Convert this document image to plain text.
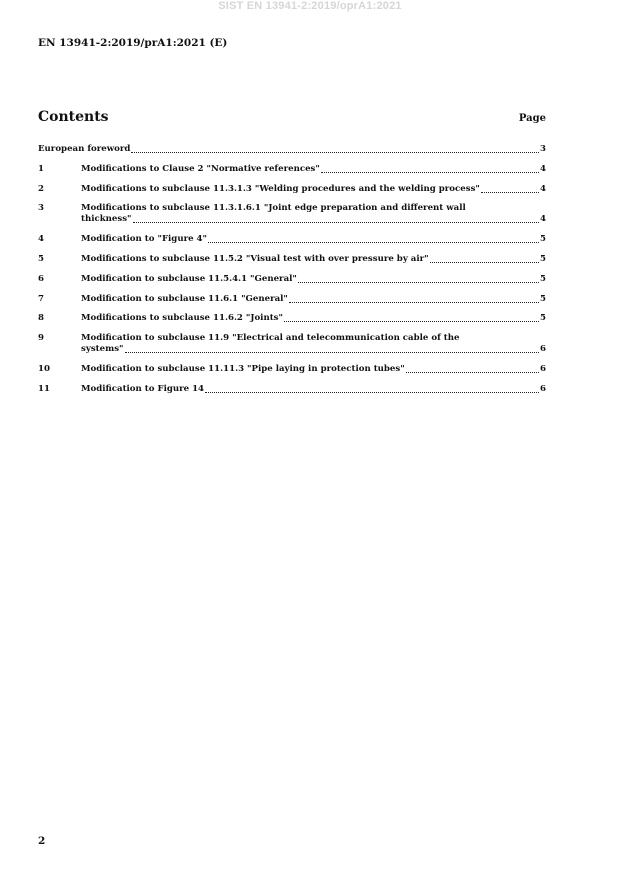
SIST EN 13941-2:2019/oprA1:2021
EN 13941-2:2019/prA1:2021 (E)
Contents	Page
European foreword	3
1	Modifications to Clause 2 "Normative references"	4
2	Modifications to subclause 11.3.1.3 "Welding procedures and the welding process"	4
3	Modifications to subclause 11.3.1.6.1 "Joint edge preparation and different wall
thickness"	4
4	Modification to "Figure 4"	5
5	Modifications to subclause 11.5.2 "Visual test with over pressure by air"	5
6	Modification to subclause 11.5.4.1 "General"	5
7	Modification to subclause 11.6.1 "General"	5
8	Modifications to subclause 11.6.2 "Joints"	5
9	Modification to subclause 11.9 "Electrical and telecommunication cable of the
systems"	6
10	Modification to subclause 11.11.3 "Pipe laying in protection tubes"	6
11	Modification to Figure 14	6
2
